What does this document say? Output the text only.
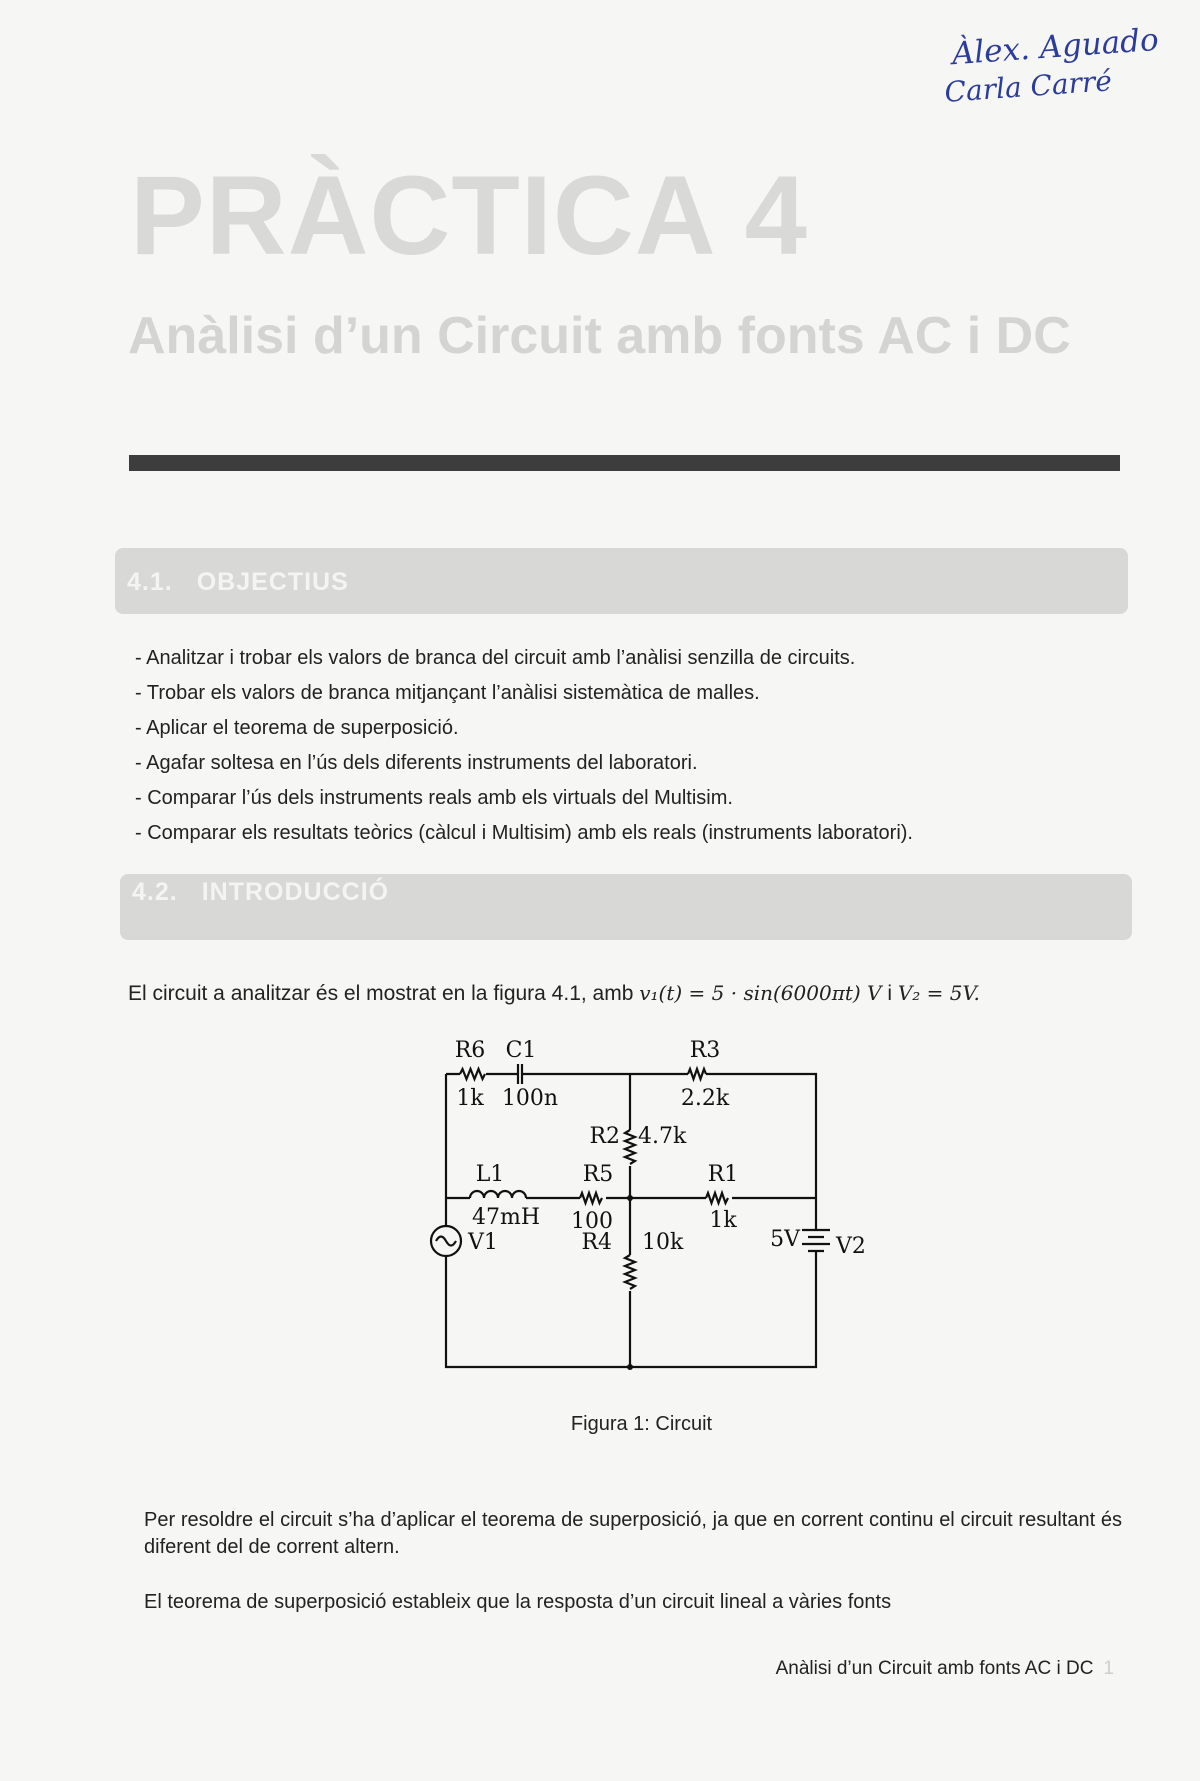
Àlex. Aguado
Carla Carré
PRÀCTICA 4
Anàlisi d’un Circuit amb fonts AC i DC
4.1. OBJECTIUS
- Analitzar i trobar els valors de branca del circuit amb l’anàlisi senzilla de circuits.
- Trobar els valors de branca mitjançant l’anàlisi sistemàtica de malles.
- Aplicar el teorema de superposició.
- Agafar soltesa en l’ús dels diferents instruments del laboratori.
- Comparar l’ús dels instruments reals amb els virtuals del Multisim.
- Comparar els resultats teòrics (càlcul i Multisim) amb els reals (instruments laboratori).
4.2. INTRODUCCIÓ
El circuit a analitzar és el mostrat en la figura 4.1, amb v₁(t) = 5 · sin(6000πt) V i V₂ = 5V.
R6
1k
C1
100n
R3
2.2k
R2 4.7k
L1
47mH
R5
100
R1
1k
V1	R4 10k	5V V2
Figura 1: Circuit
Per resoldre el circuit s’ha d’aplicar el teorema de superposició, ja que en corrent continu el circuit resultant és diferent del de corrent altern.
El teorema de superposició estableix que la resposta d’un circuit lineal a vàries fonts
Anàlisi d’un Circuit amb fonts AC i DC 1
